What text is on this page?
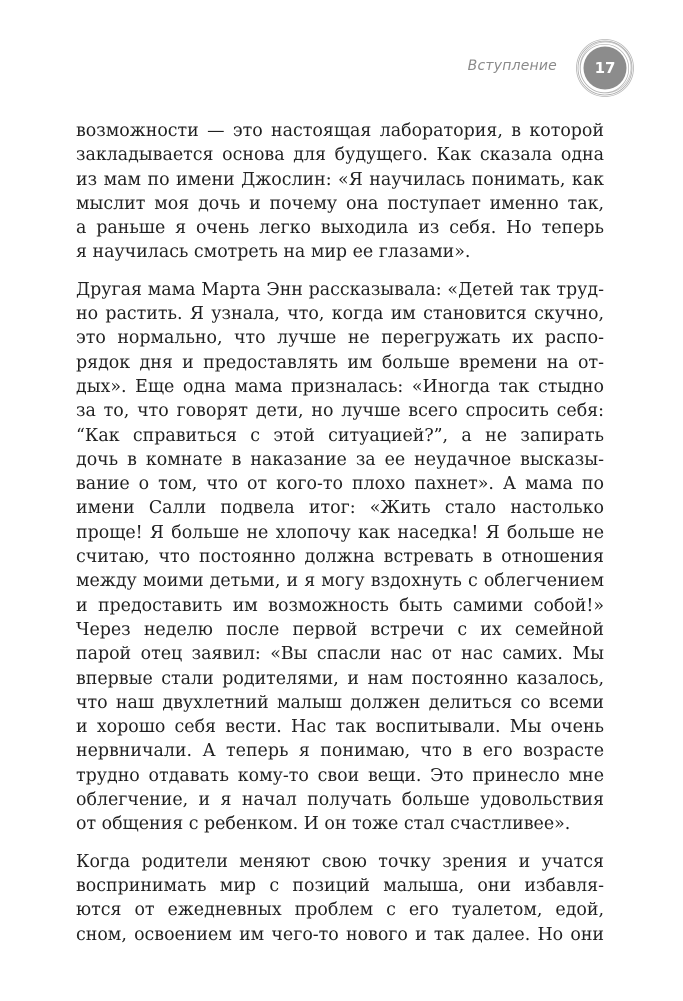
Вступление	17
возможности — это настоящая лаборатория, в которой
закладывается основа для будущего. Как сказала одна
из мам по имени Джослин: «Я научилась понимать, как
мыслит моя дочь и почему она поступает именно так,
а раньше я очень легко выходила из себя. Но теперь
я научилась смотреть на мир ее глазами».
Другая мама Марта Энн рассказывала: «Детей так труд-
но растить. Я узнала, что, когда им становится скучно,
это нормально, что лучше не перегружать их распо-
рядок дня и предоставлять им больше времени на от-
дых». Еще одна мама призналась: «Иногда так стыдно
за то, что говорят дети, но лучше всего спросить себя:
“Как справиться с этой ситуацией?”, а не запирать
дочь в комнате в наказание за ее неудачное высказы-
вание о том, что от кого-то плохо пахнет». А мама по
имени Салли подвела итог: «Жить стало настолько
проще! Я больше не хлопочу как наседка! Я больше не
считаю, что постоянно должна встревать в отношения
между моими детьми, и я могу вздохнуть с облегчением
и предоставить им возможность быть самими собой!»
Через неделю после первой встречи с их семейной
парой отец заявил: «Вы спасли нас от нас самих. Мы
впервые стали родителями, и нам постоянно казалось,
что наш двухлетний малыш должен делиться со всеми
и хорошо себя вести. Нас так воспитывали. Мы очень
нервничали. А теперь я понимаю, что в его возрасте
трудно отдавать кому-то свои вещи. Это принесло мне
облегчение, и я начал получать больше удовольствия
от общения с ребенком. И он тоже стал счастливее».
Когда родители меняют свою точку зрения и учатся
воспринимать мир с позиций малыша, они избавля-
ются от ежедневных проблем с его туалетом, едой,
сном, освоением им чего-то нового и так далее. Но они
